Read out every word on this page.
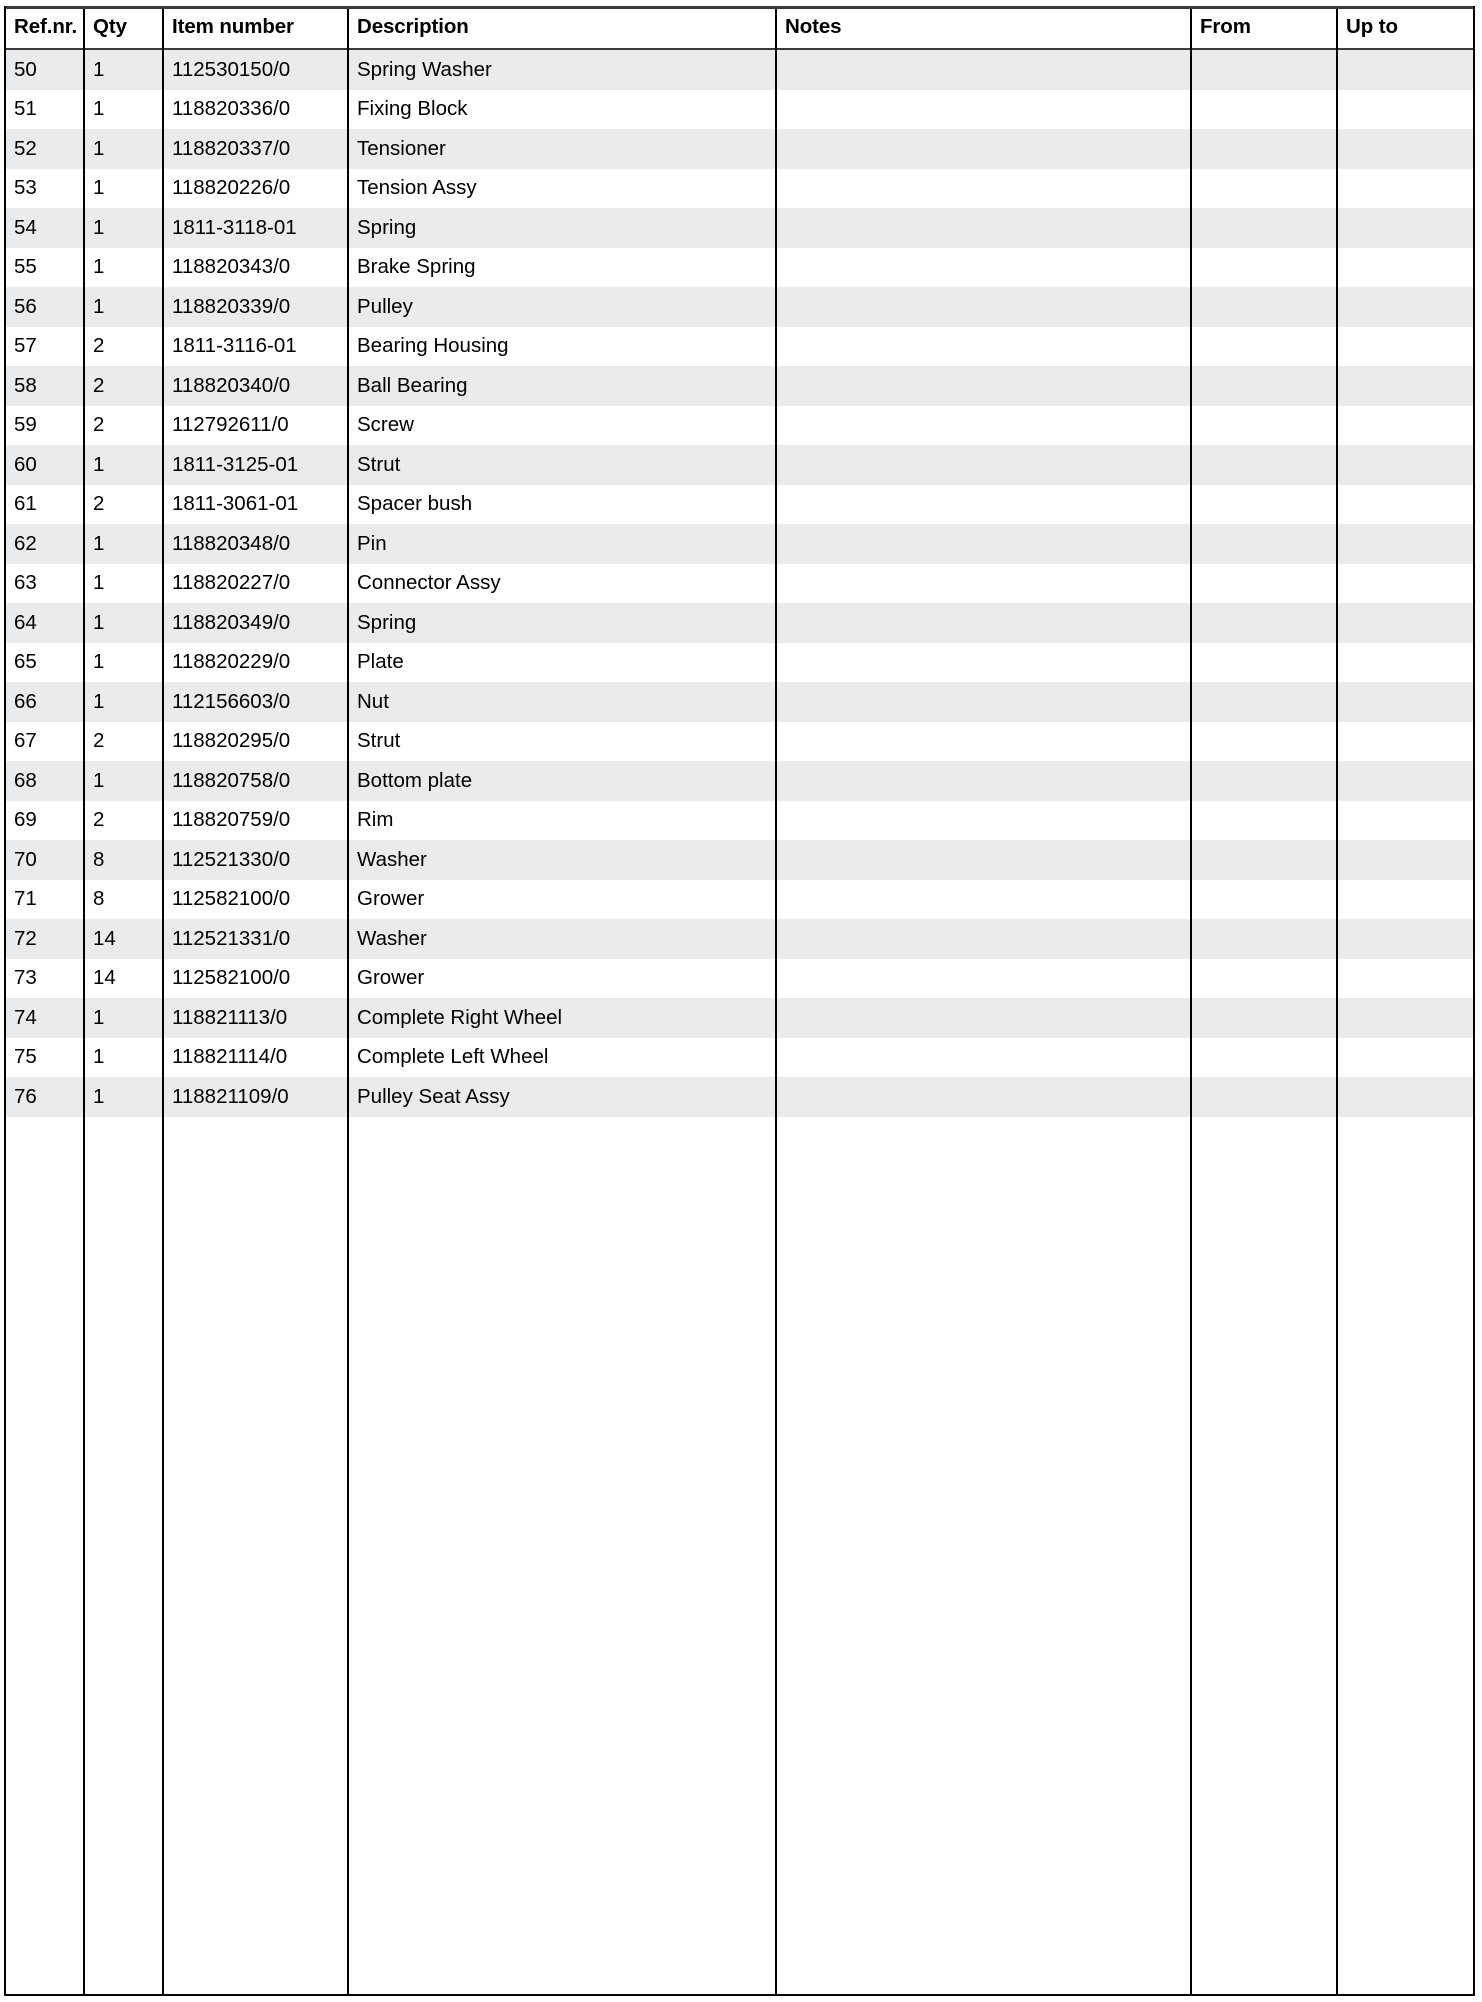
Ref.nr.	Qty	Item number	Description	Notes	From	Up to
50	1	112530150/0	Spring Washer			
51	1	118820336/0	Fixing Block			
52	1	118820337/0	Tensioner			
53	1	118820226/0	Tension Assy			
54	1	1811-3118-01	Spring			
55	1	118820343/0	Brake Spring			
56	1	118820339/0	Pulley			
57	2	1811-3116-01	Bearing Housing			
58	2	118820340/0	Ball Bearing			
59	2	112792611/0	Screw			
60	1	1811-3125-01	Strut			
61	2	1811-3061-01	Spacer bush			
62	1	118820348/0	Pin			
63	1	118820227/0	Connector Assy			
64	1	118820349/0	Spring			
65	1	118820229/0	Plate			
66	1	112156603/0	Nut			
67	2	118820295/0	Strut			
68	1	118820758/0	Bottom plate			
69	2	118820759/0	Rim			
70	8	112521330/0	Washer			
71	8	112582100/0	Grower			
72	14	112521331/0	Washer			
73	14	112582100/0	Grower			
74	1	118821113/0	Complete Right Wheel			
75	1	118821114/0	Complete Left Wheel			
76	1	118821109/0	Pulley Seat Assy			
